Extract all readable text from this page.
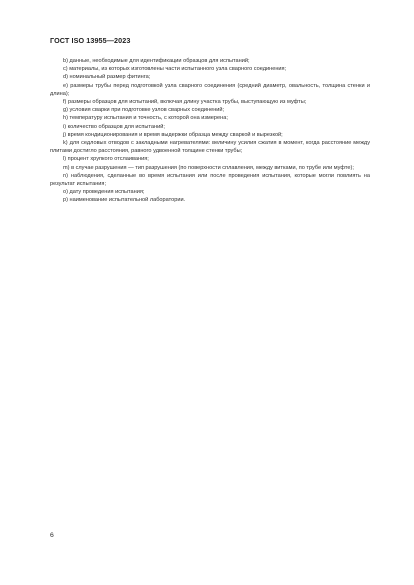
ГОСТ ISO 13955—2023

b) данные, необходимые для идентификации образцов для испытаний;

c) материалы, из которых изготовлены части испытанного узла сварного соединения;

d) номинальный размер фитинга;

e) размеры трубы перед подготовкой узла сварного соединения (средний диаметр, овальность, толщина стенки и длина);

f) размеры образцов для испытаний, включая длину участка трубы, выступающую из муфты;

g) условия сварки при подготовке узлов сварных соединений;

h) температуру испытания и точность, с которой она измерена;

i) количество образцов для испытаний;

j) время кондиционирования и время выдержки образца между сваркой и вырезкой;

k) для седловых отводов с закладными нагревателями: величину усилия сжатия в момент, когда расстояние между плитами достигло расстояния, равного удвоенной толщине стенки трубы;

l) процент хрупкого отслаивания;

m) в случае разрушения — тип разрушения (по поверхности сплавления, между витками, по трубе или муфте);

n) наблюдения, сделанные во время испытания или после проведения испытания, которые могли повлиять на результат испытания;

o) дату проведения испытания;

p) наименование испытательной лаборатории.

6
